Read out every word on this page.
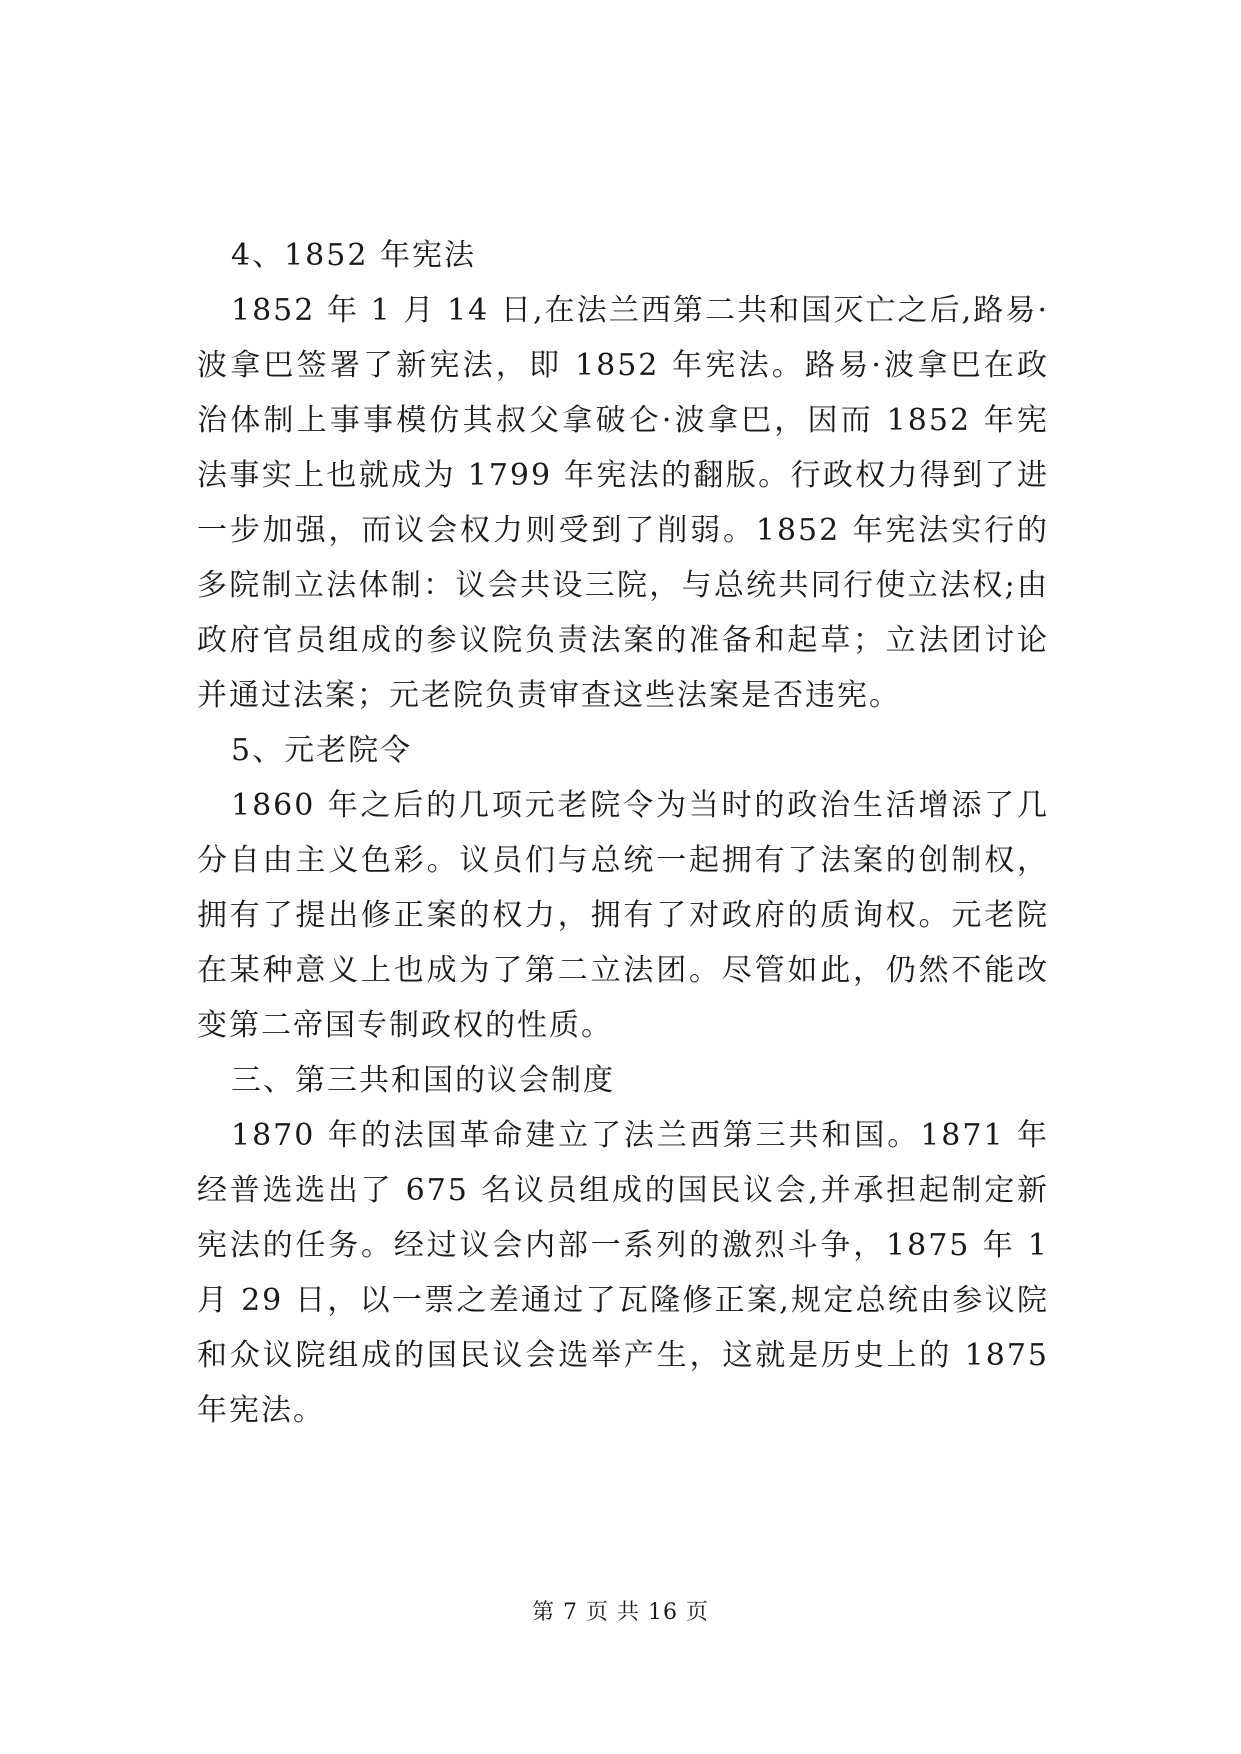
4、1852 年宪法

1852 年 1 月 14 日,在法兰西第二共和国灭亡之后,路易·波拿巴签署了新宪法，即 1852 年宪法。路易·波拿巴在政治体制上事事模仿其叔父拿破仑·波拿巴，因而 1852 年宪法事实上也就成为 1799 年宪法的翻版。行政权力得到了进一步加强，而议会权力则受到了削弱。1852 年宪法实行的多院制立法体制：议会共设三院，与总统共同行使立法权;由政府官员组成的参议院负责法案的准备和起草；立法团讨论并通过法案；元老院负责审查这些法案是否违宪。

5、元老院令

1860 年之后的几项元老院令为当时的政治生活增添了几分自由主义色彩。议员们与总统一起拥有了法案的创制权，拥有了提出修正案的权力，拥有了对政府的质询权。元老院在某种意义上也成为了第二立法团。尽管如此，仍然不能改变第二帝国专制政权的性质。

三、第三共和国的议会制度

1870 年的法国革命建立了法兰西第三共和国。1871 年经普选选出了 675 名议员组成的国民议会,并承担起制定新宪法的任务。经过议会内部一系列的激烈斗争，1875 年 1 月 29 日，以一票之差通过了瓦隆修正案,规定总统由参议院和众议院组成的国民议会选举产生，这就是历史上的 1875 年宪法。

第 7 页 共 16 页
